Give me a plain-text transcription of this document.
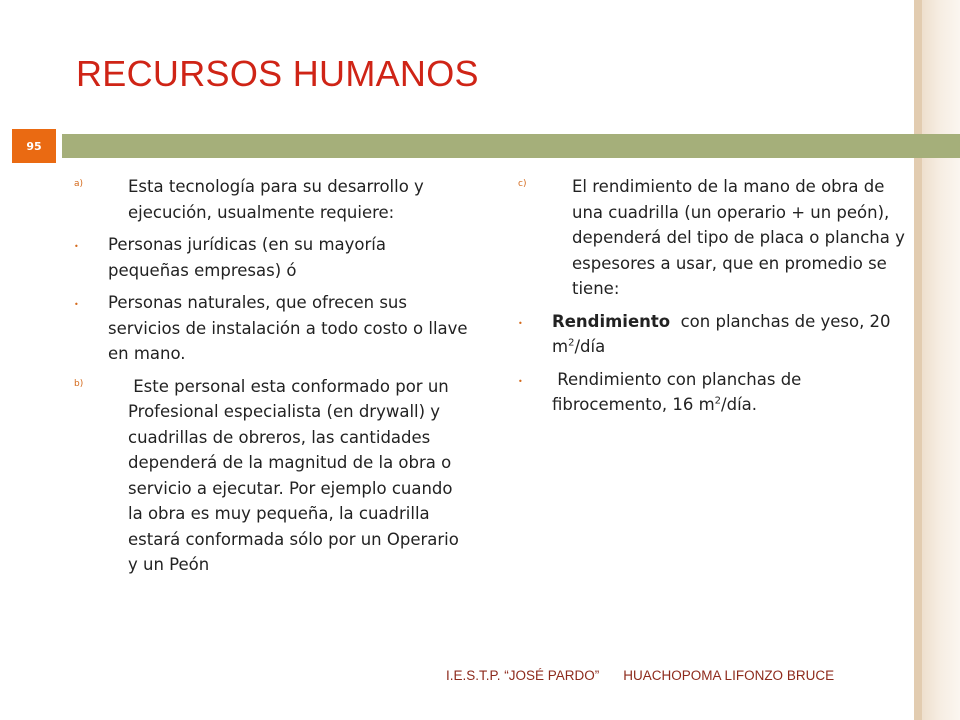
RECURSOS HUMANOS
95
a)	Esta tecnología para su desarrollo y ejecución, usualmente requiere:
• Personas jurídicas (en su mayoría pequeñas empresas) ó
• Personas naturales, que ofrecen sus servicios de instalación a todo costo o llave en mano.
b)	Este personal esta conformado por un Profesional especialista (en drywall) y cuadrillas de obreros, las cantidades dependerá de la magnitud de la obra o servicio a ejecutar. Por ejemplo cuando la obra es muy pequeña, la cuadrilla estará conformada sólo por un Operario y un Peón
c)	El rendimiento de la mano de obra de una cuadrilla (un operario + un peón), dependerá del tipo de placa o plancha y espesores a usar, que en promedio se tiene:
• Rendimiento  con planchas de yeso, 20 $m^2$/día
• Rendimiento con planchas de fibrocemento, 16 $m^2$/día.
I.E.S.T.P. “JOSÉ PARDO” HUACHOPOMA LIFONZO BRUCE
